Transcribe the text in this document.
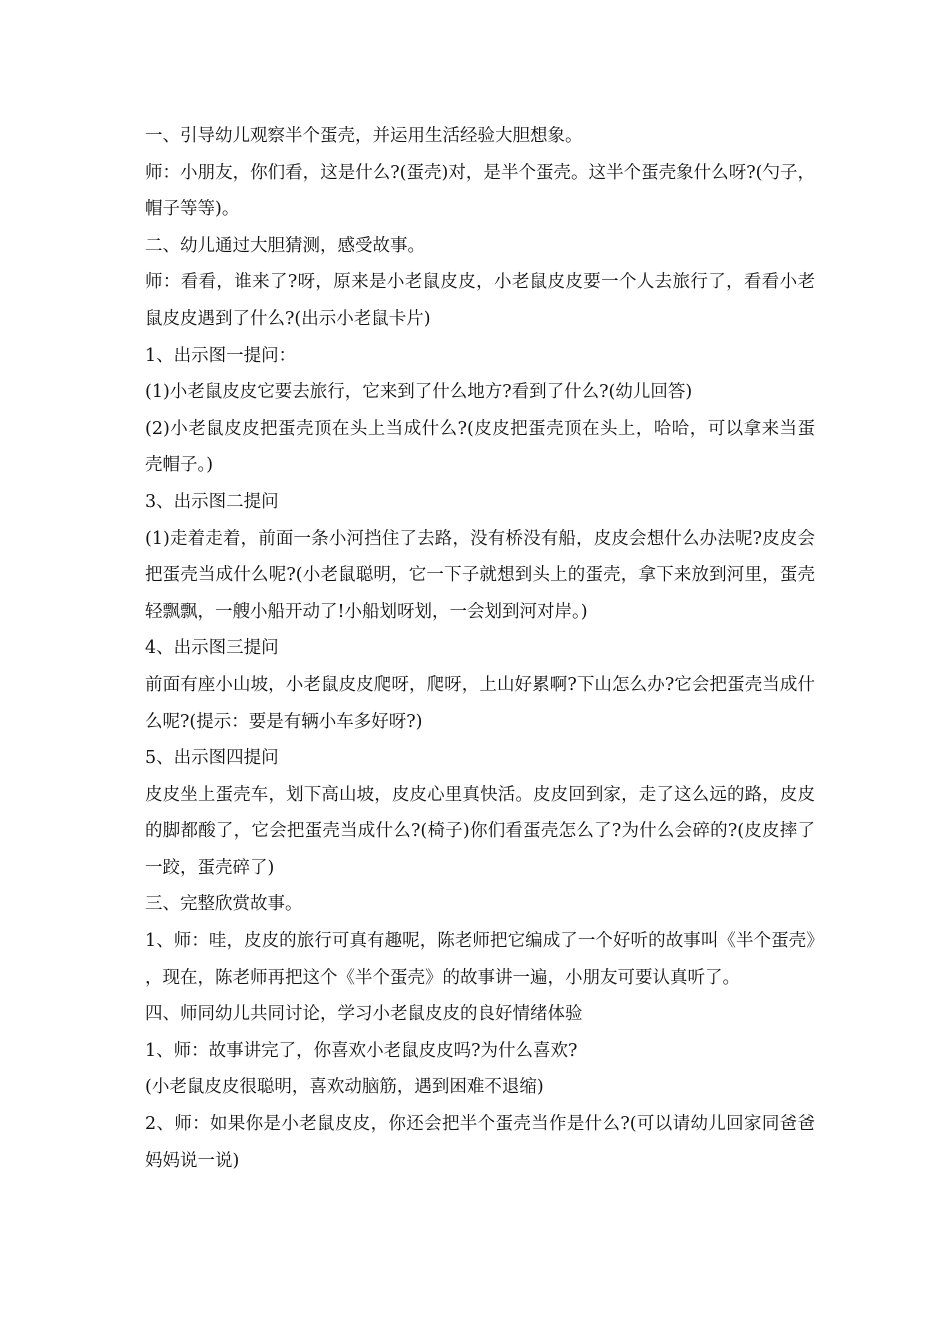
一、引导幼儿观察半个蛋壳，并运用生活经验大胆想象。

师：小朋友，你们看，这是什么?(蛋壳)对，是半个蛋壳。这半个蛋壳象什么呀?(勺子，帽子等等)。

二、幼儿通过大胆猜测，感受故事。

师：看看，谁来了?呀，原来是小老鼠皮皮，小老鼠皮皮要一个人去旅行了，看看小老鼠皮皮遇到了什么?(出示小老鼠卡片)

1、出示图一提问：

(1)小老鼠皮皮它要去旅行，它来到了什么地方?看到了什么?(幼儿回答)

(2)小老鼠皮皮把蛋壳顶在头上当成什么?(皮皮把蛋壳顶在头上，哈哈，可以拿来当蛋壳帽子。)

3、出示图二提问

(1)走着走着，前面一条小河挡住了去路，没有桥没有船，皮皮会想什么办法呢?皮皮会把蛋壳当成什么呢?(小老鼠聪明，它一下子就想到头上的蛋壳，拿下来放到河里，蛋壳轻飘飘，一艘小船开动了!小船划呀划，一会划到河对岸。)

4、出示图三提问

前面有座小山坡，小老鼠皮皮爬呀，爬呀，上山好累啊?下山怎么办?它会把蛋壳当成什么呢?(提示：要是有辆小车多好呀?)

5、出示图四提问

皮皮坐上蛋壳车，划下高山坡，皮皮心里真快活。皮皮回到家，走了这么远的路，皮皮的脚都酸了，它会把蛋壳当成什么?(椅子)你们看蛋壳怎么了?为什么会碎的?(皮皮摔了一跤，蛋壳碎了)

三、完整欣赏故事。

1、师：哇，皮皮的旅行可真有趣呢，陈老师把它编成了一个好听的故事叫《半个蛋壳》，现在，陈老师再把这个《半个蛋壳》的故事讲一遍，小朋友可要认真听了。

四、师同幼儿共同讨论，学习小老鼠皮皮的良好情绪体验

1、师：故事讲完了，你喜欢小老鼠皮皮吗?为什么喜欢?

(小老鼠皮皮很聪明，喜欢动脑筋，遇到困难不退缩)

2、师：如果你是小老鼠皮皮，你还会把半个蛋壳当作是什么?(可以请幼儿回家同爸爸妈妈说一说)
